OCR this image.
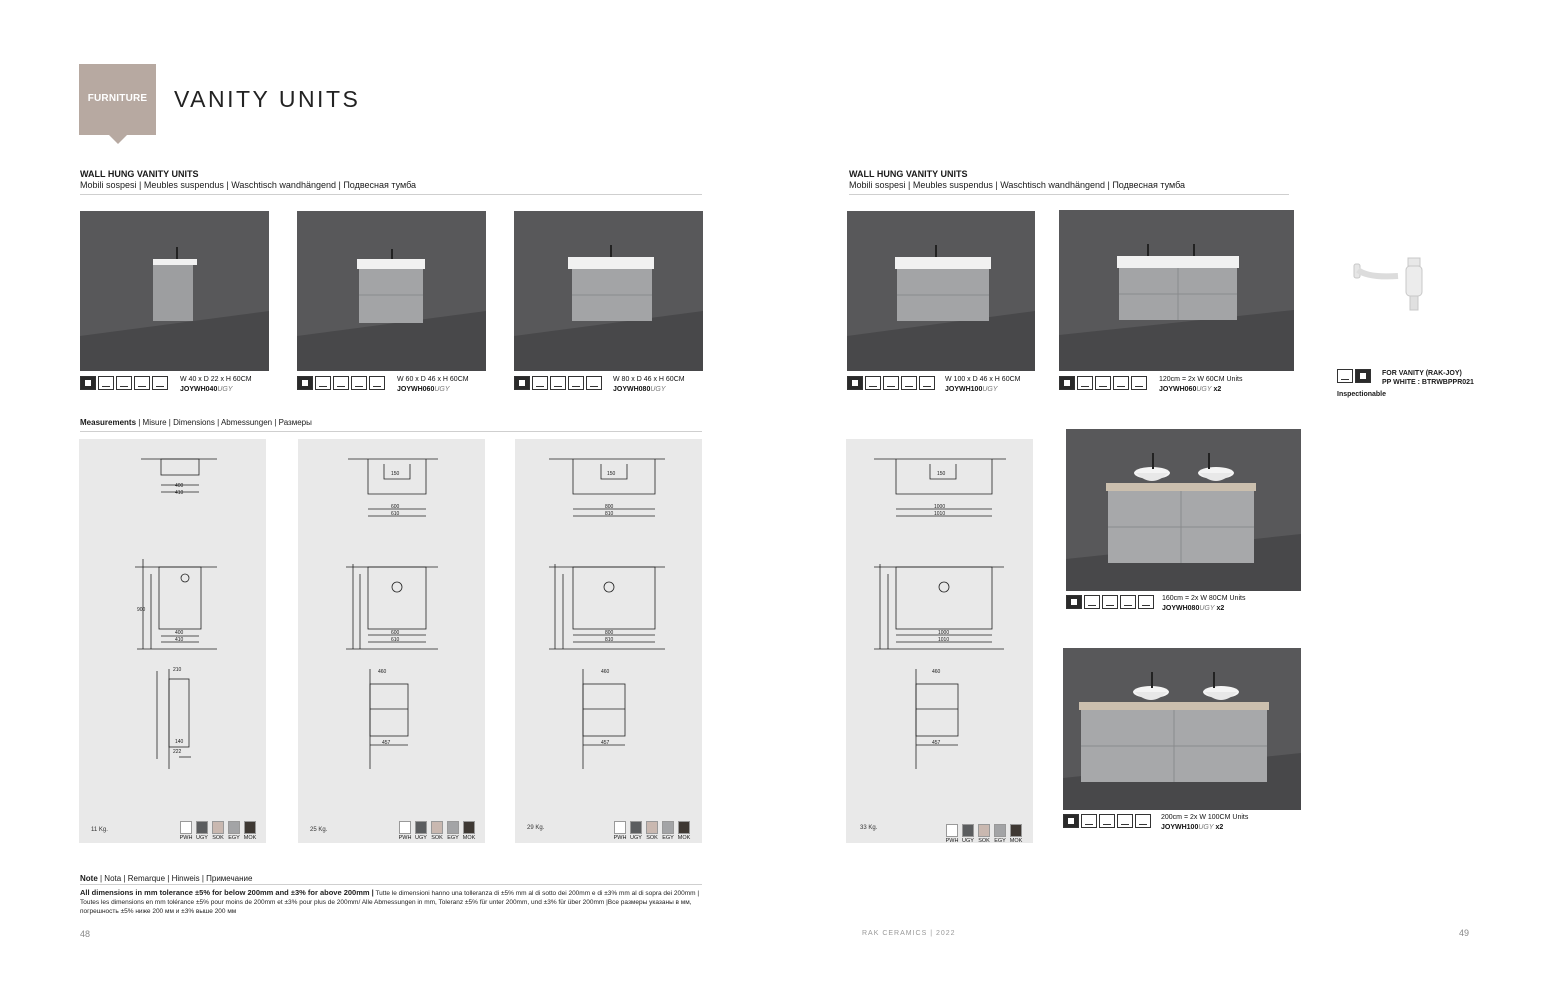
FURNITURE	VANITY UNITS
WALL HUNG VANITY UNITS
Mobili sospesi | Meubles suspendus | Waschtisch wandhängend | Подвесная тумба
WALL HUNG VANITY UNITS
Mobili sospesi | Meubles suspendus | Waschtisch wandhängend | Подвесная тумба
W 40 x D 22 x H 60CM
JOYWH040UGY
W 60 x D 46 x H 60CM
JOYWH060UGY
W 80 x D 46 x H 60CM
JOYWH080UGY
W 100 x D 46 x H 60CM
JOYWH100UGY
120cm = 2x W 60CM Units
JOYWH060UGY x2
160cm = 2x W 80CM Units
JOYWH080UGY x2
200cm = 2x W 100CM Units
JOYWH100UGY x2
FOR VANITY (RAK-JOY)
PP WHITE : BTRWBPPR021
Inspectionable
Measurements | Misure | Dimensions | Abmessungen | Размеры
400
410
400
410
210
140
222
900
11 Kg.
PWH UGY SOK EGY MOK
150
600
610
600
610
460
457
25 Kg.
PWH UGY SOK EGY MOK
150
800
810
800
810
460
457
29 Kg.
PWH UGY SOK EGY MOK
150
1000
1010
1000
1010
460
457
33 Kg.
PWH UGY SOK EGY MOK
Note | Nota | Remarque | Hinweis | Примечание
All dimensions in mm tolerance ±5% for below 200mm and ±3% for above 200mm | Tutte le dimensioni hanno una tolleranza di ±5% mm al di sotto dei 200mm e di ±3% mm al di sopra dei 200mm | Toutes les dimensions en mm tolérance ±5% pour moins de 200mm et ±3% pour plus de 200mm/ Alle Abmessungen in mm, Toleranz ±5% für unter 200mm, und ±3% für über 200mm |Все размеры указаны в мм, погрешность ±5% ниже 200 мм и ±3% выше 200 мм
48	RAK CERAMICS | 2022	49
